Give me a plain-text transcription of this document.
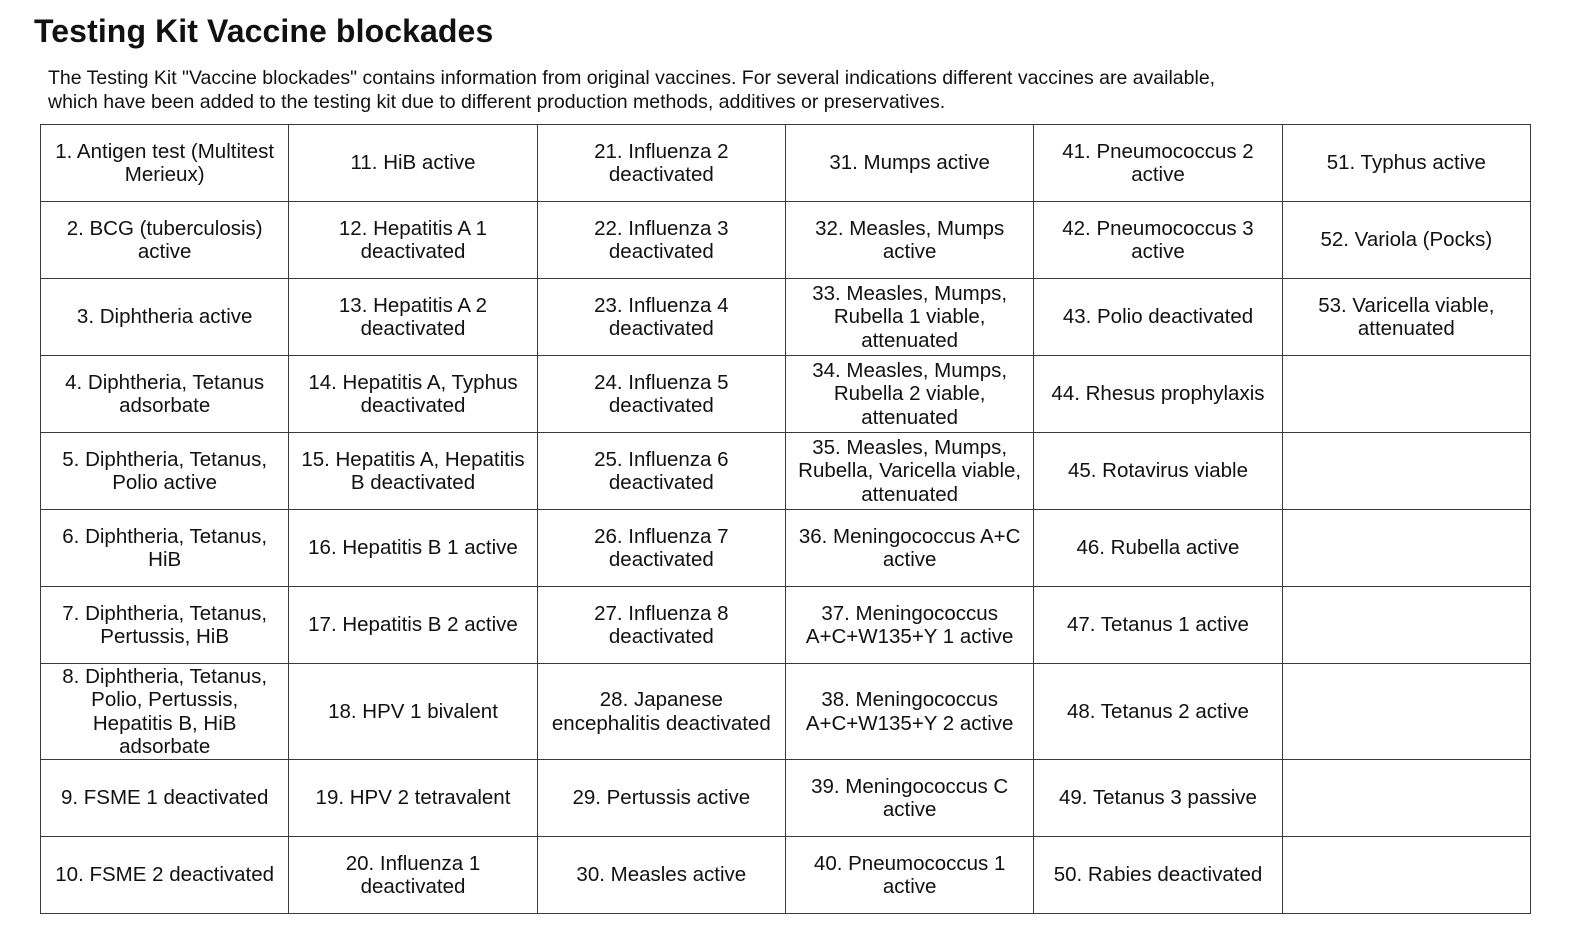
Testing Kit Vaccine blockades

The Testing Kit "Vaccine blockades" contains information from original vaccines. For several indications different vaccines are available,
which have been added to the testing kit due to different production methods, additives or preservatives.

1. Antigen test (Multitest Merieux)	11. HiB active	21. Influenza 2 deactivated	31. Mumps active	41. Pneumococcus 2 active	51. Typhus active
2. BCG (tuberculosis) active	12. Hepatitis A 1 deactivated	22. Influenza 3 deactivated	32. Measles, Mumps active	42. Pneumococcus 3 active	52. Variola (Pocks)
3. Diphtheria active	13. Hepatitis A 2 deactivated	23. Influenza 4 deactivated	33. Measles, Mumps, Rubella 1 viable, attenuated	43. Polio deactivated	53. Varicella viable, attenuated
4. Diphtheria, Tetanus adsorbate	14. Hepatitis A, Typhus deactivated	24. Influenza 5 deactivated	34. Measles, Mumps, Rubella 2 viable, attenuated	44. Rhesus prophylaxis	
5. Diphtheria, Tetanus, Polio active	15. Hepatitis A, Hepatitis B deactivated	25. Influenza 6 deactivated	35. Measles, Mumps, Rubella, Varicella viable, attenuated	45. Rotavirus viable	
6. Diphtheria, Tetanus, HiB	16. Hepatitis B 1 active	26. Influenza 7 deactivated	36. Meningococcus A+C active	46. Rubella active	
7. Diphtheria, Tetanus, Pertussis, HiB	17. Hepatitis B 2 active	27. Influenza 8 deactivated	37. Meningococcus A+C+W135+Y 1 active	47. Tetanus 1 active	
8. Diphtheria, Tetanus, Polio, Pertussis, Hepatitis B, HiB adsorbate	18. HPV 1 bivalent	28. Japanese encephalitis deactivated	38. Meningococcus A+C+W135+Y 2 active	48. Tetanus 2 active	
9. FSME 1 deactivated	19. HPV 2 tetravalent	29. Pertussis active	39. Meningococcus C active	49. Tetanus 3 passive	
10. FSME 2 deactivated	20. Influenza 1 deactivated	30. Measles active	40. Pneumococcus 1 active	50. Rabies deactivated	
